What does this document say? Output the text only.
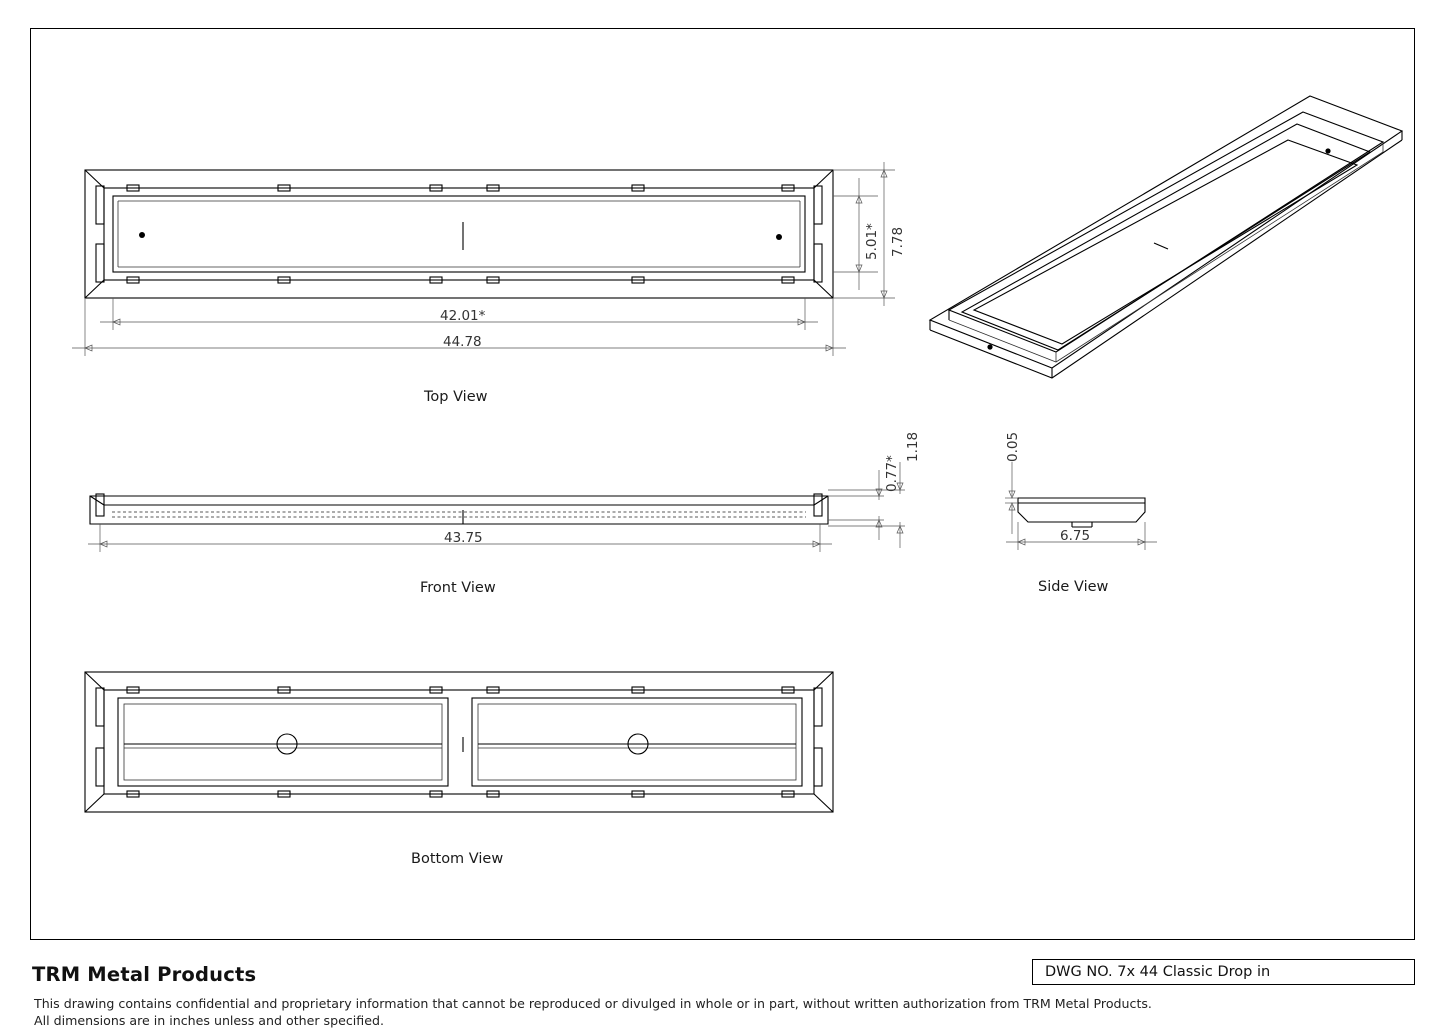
5.01* 7.78
42.01*
44.78
0.77*
1.18
43.75
0.05
6.75
Top View
Front View	Side View
Bottom View
TRM Metal Products	DWG NO. 7x 44 Classic Drop in
This drawing contains confidential and proprietary information that cannot be reproduced or divulged in whole or in part, without written authorization from TRM Metal Products.
All dimensions are in inches unless and other specified.
